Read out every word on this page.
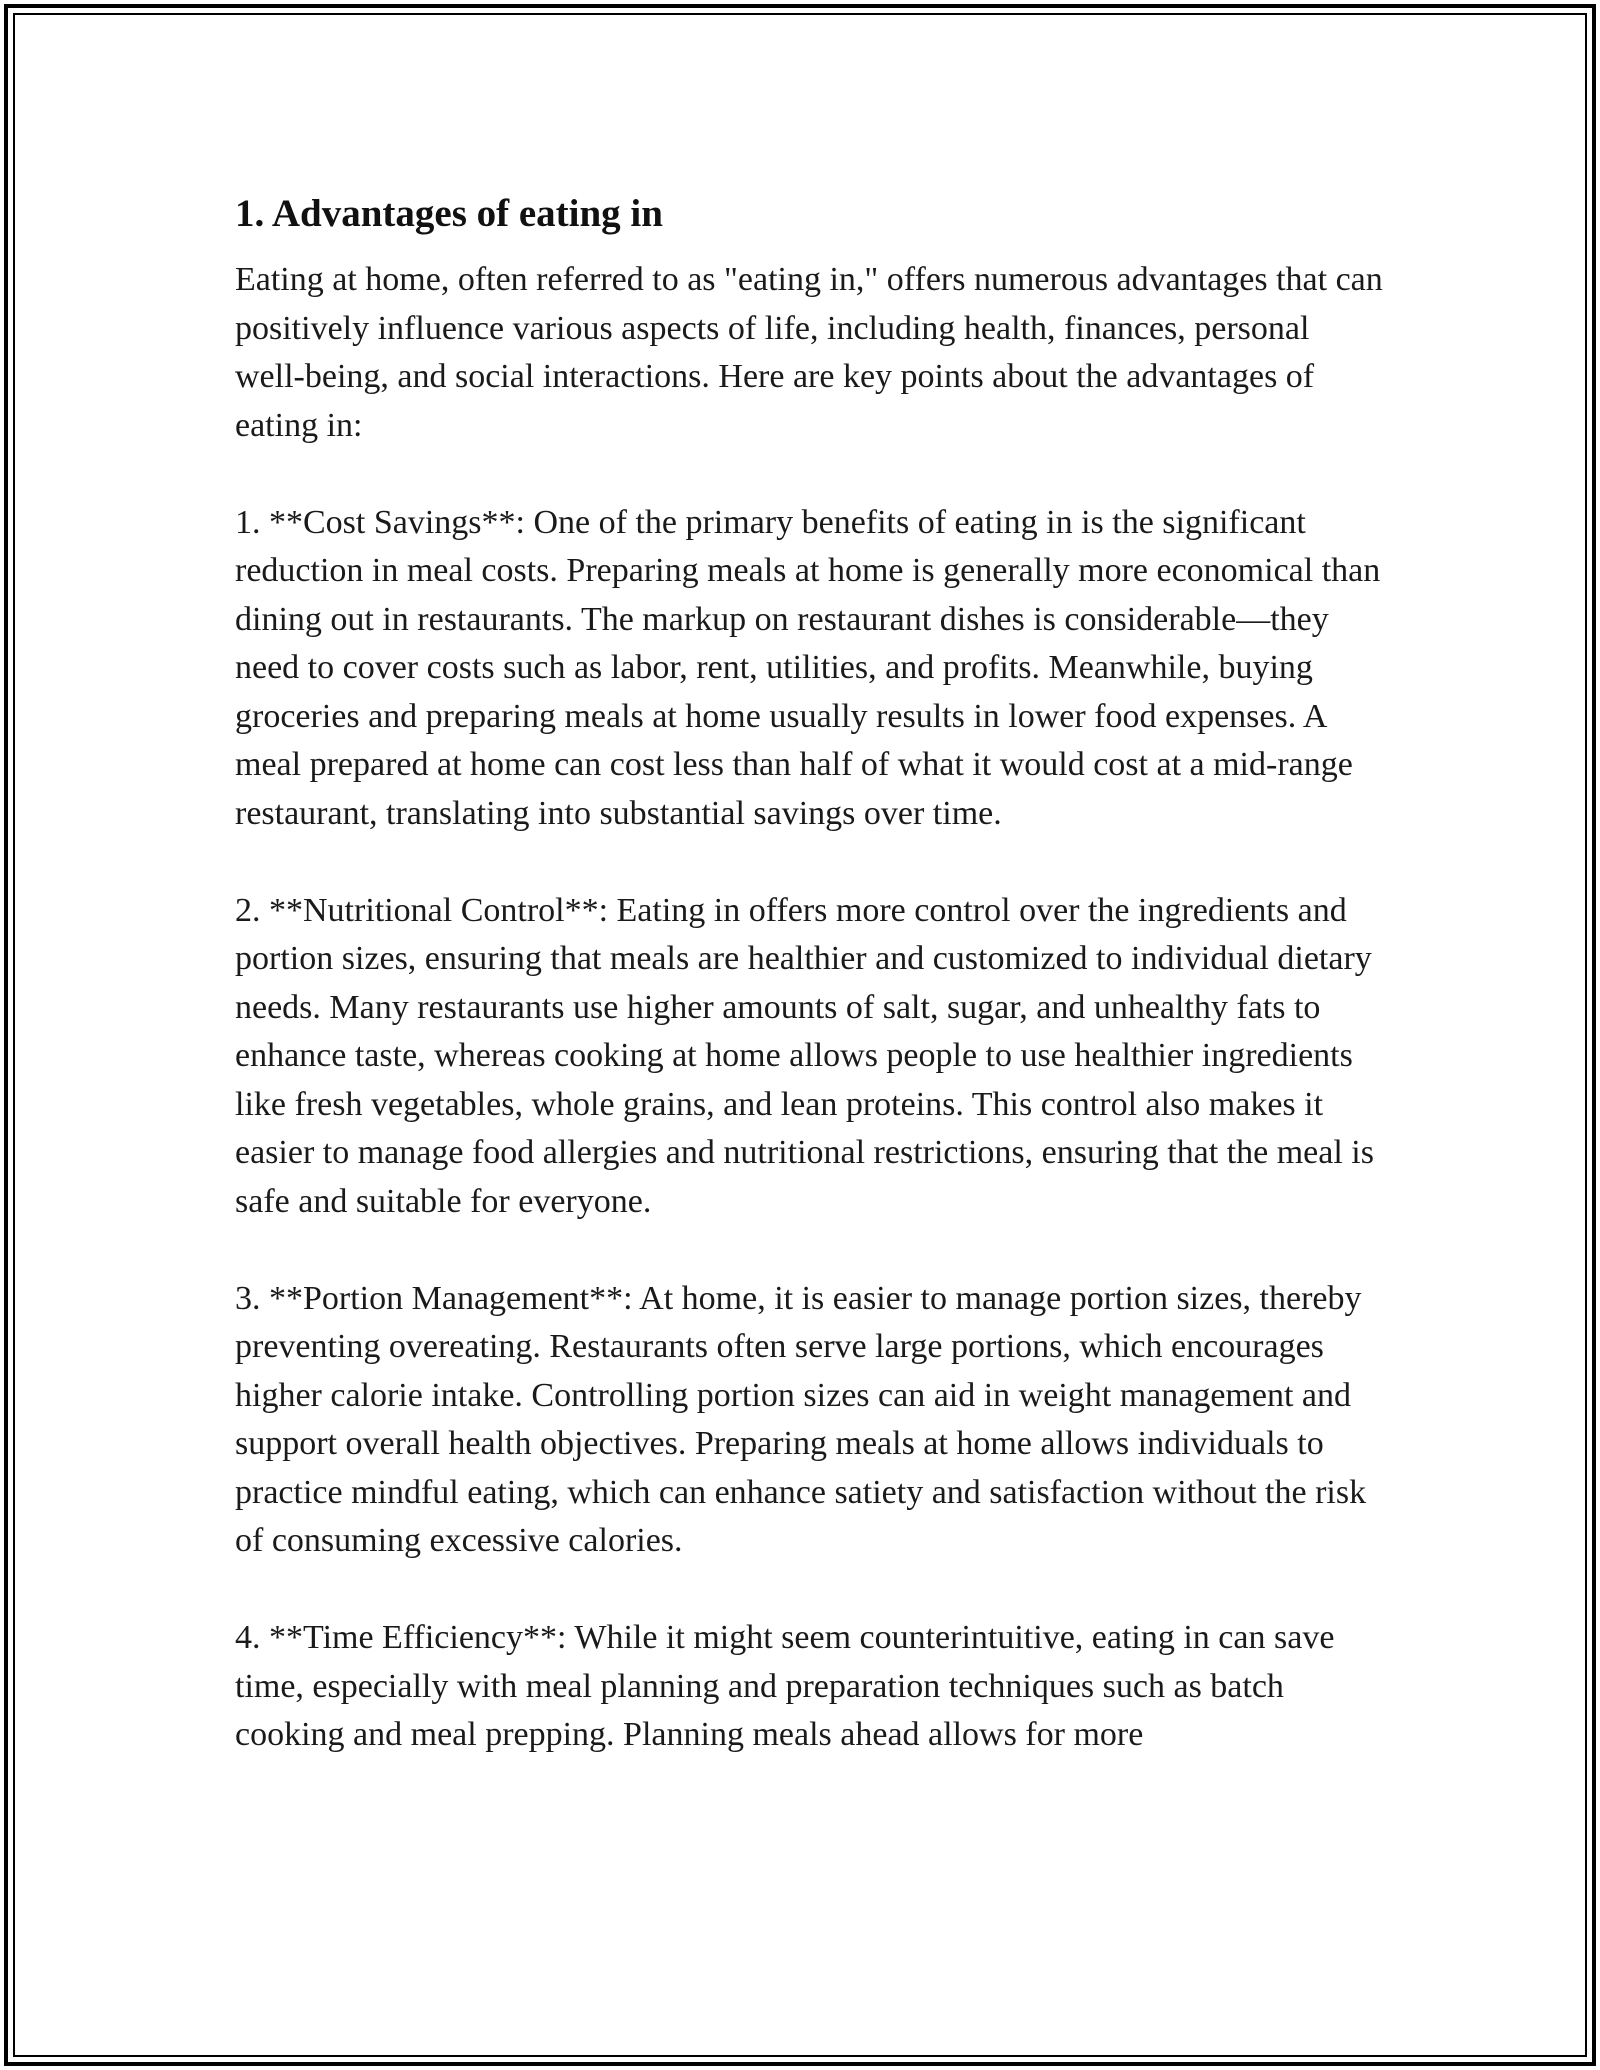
1. Advantages of eating in

Eating at home, often referred to as "eating in," offers numerous advantages that can positively influence various aspects of life, including health, finances, personal well-being, and social interactions. Here are key points about the advantages of eating in:

1. **Cost Savings**: One of the primary benefits of eating in is the significant reduction in meal costs. Preparing meals at home is generally more economical than dining out in restaurants. The markup on restaurant dishes is considerable—they need to cover costs such as labor, rent, utilities, and profits. Meanwhile, buying groceries and preparing meals at home usually results in lower food expenses. A meal prepared at home can cost less than half of what it would cost at a mid-range restaurant, translating into substantial savings over time.

2. **Nutritional Control**: Eating in offers more control over the ingredients and portion sizes, ensuring that meals are healthier and customized to individual dietary needs. Many restaurants use higher amounts of salt, sugar, and unhealthy fats to enhance taste, whereas cooking at home allows people to use healthier ingredients like fresh vegetables, whole grains, and lean proteins. This control also makes it easier to manage food allergies and nutritional restrictions, ensuring that the meal is safe and suitable for everyone.

3. **Portion Management**: At home, it is easier to manage portion sizes, thereby preventing overeating. Restaurants often serve large portions, which encourages higher calorie intake. Controlling portion sizes can aid in weight management and support overall health objectives. Preparing meals at home allows individuals to practice mindful eating, which can enhance satiety and satisfaction without the risk of consuming excessive calories.

4. **Time Efficiency**: While it might seem counterintuitive, eating in can save time, especially with meal planning and preparation techniques such as batch cooking and meal prepping. Planning meals ahead allows for more
